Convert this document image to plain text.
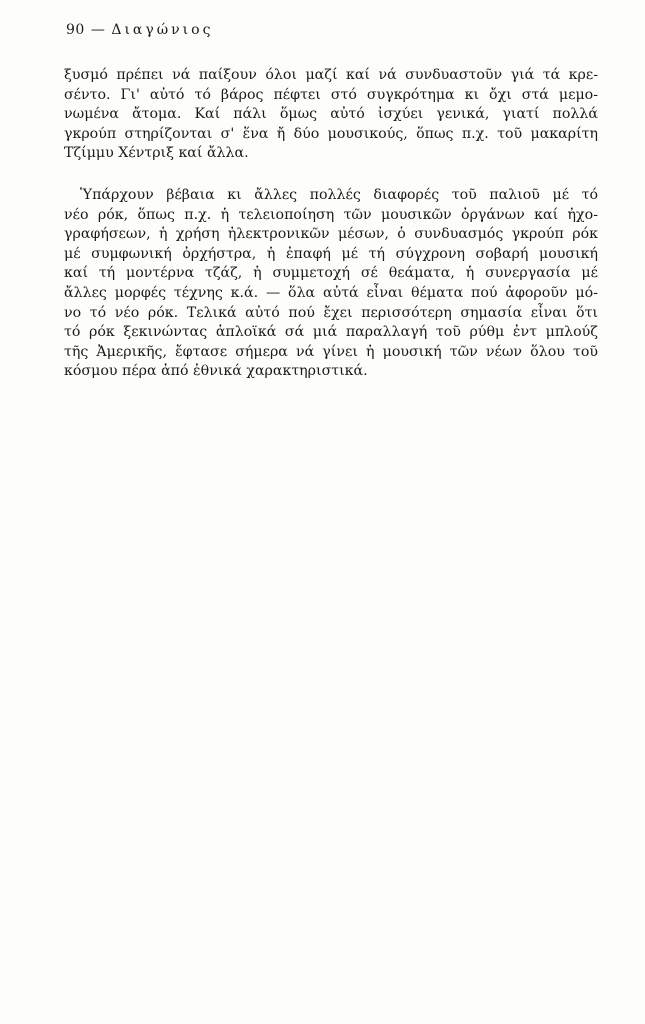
90 — Διαγώνιος
ξυσμό πρέπει νά παίξουν όλοι μαζί καί νά συνδυαστοῦν γιά τά κρε-
σέντο. Γι' αὐτό τό βάρος πέφτει στό συγκρότημα κι ὄχι στά μεμο-
νωμένα ἄτομα. Καί πάλι ὅμως αὐτό ἰσχύει γενικά, γιατί πολλά
γκρούπ στηρίζονται σ' ἕνα ἤ δύο μουσικούς, ὅπως π.χ. τοῦ μακαρίτη
Τζίμμυ Χέντριξ καί ἄλλα.
Ὑπάρχουν βέβαια κι ἄλλες πολλές διαφορές τοῦ παλιοῦ μέ τό
νέο ρόκ, ὅπως π.χ. ἡ τελειοποίηση τῶν μουσικῶν ὀργάνων καί ἠχο-
γραφήσεων, ἡ χρήση ἠλεκτρονικῶν μέσων, ὁ συνδυασμός γκρούπ ρόκ
μέ συμφωνική ὀρχήστρα, ἡ ἐπαφή μέ τή σύγχρονη σοβαρή μουσική
καί τή μοντέρνα τζάζ, ἡ συμμετοχή σέ θεάματα, ἡ συνεργασία μέ
ἄλλες μορφές τέχνης κ.ά. — ὅλα αὐτά εἶναι θέματα πού ἀφοροῦν μό-
νο τό νέο ρόκ. Τελικά αὐτό πού ἔχει περισσότερη σημασία εἶναι ὅτι
τό ρόκ ξεκινώντας ἁπλοϊκά σά μιά παραλλαγή τοῦ ρύθμ ἐντ μπλούζ
τῆς Ἀμερικῆς, ἔφτασε σήμερα νά γίνει ἡ μουσική τῶν νέων ὅλου τοῦ
κόσμου πέρα ἀπό ἐθνικά χαρακτηριστικά.
